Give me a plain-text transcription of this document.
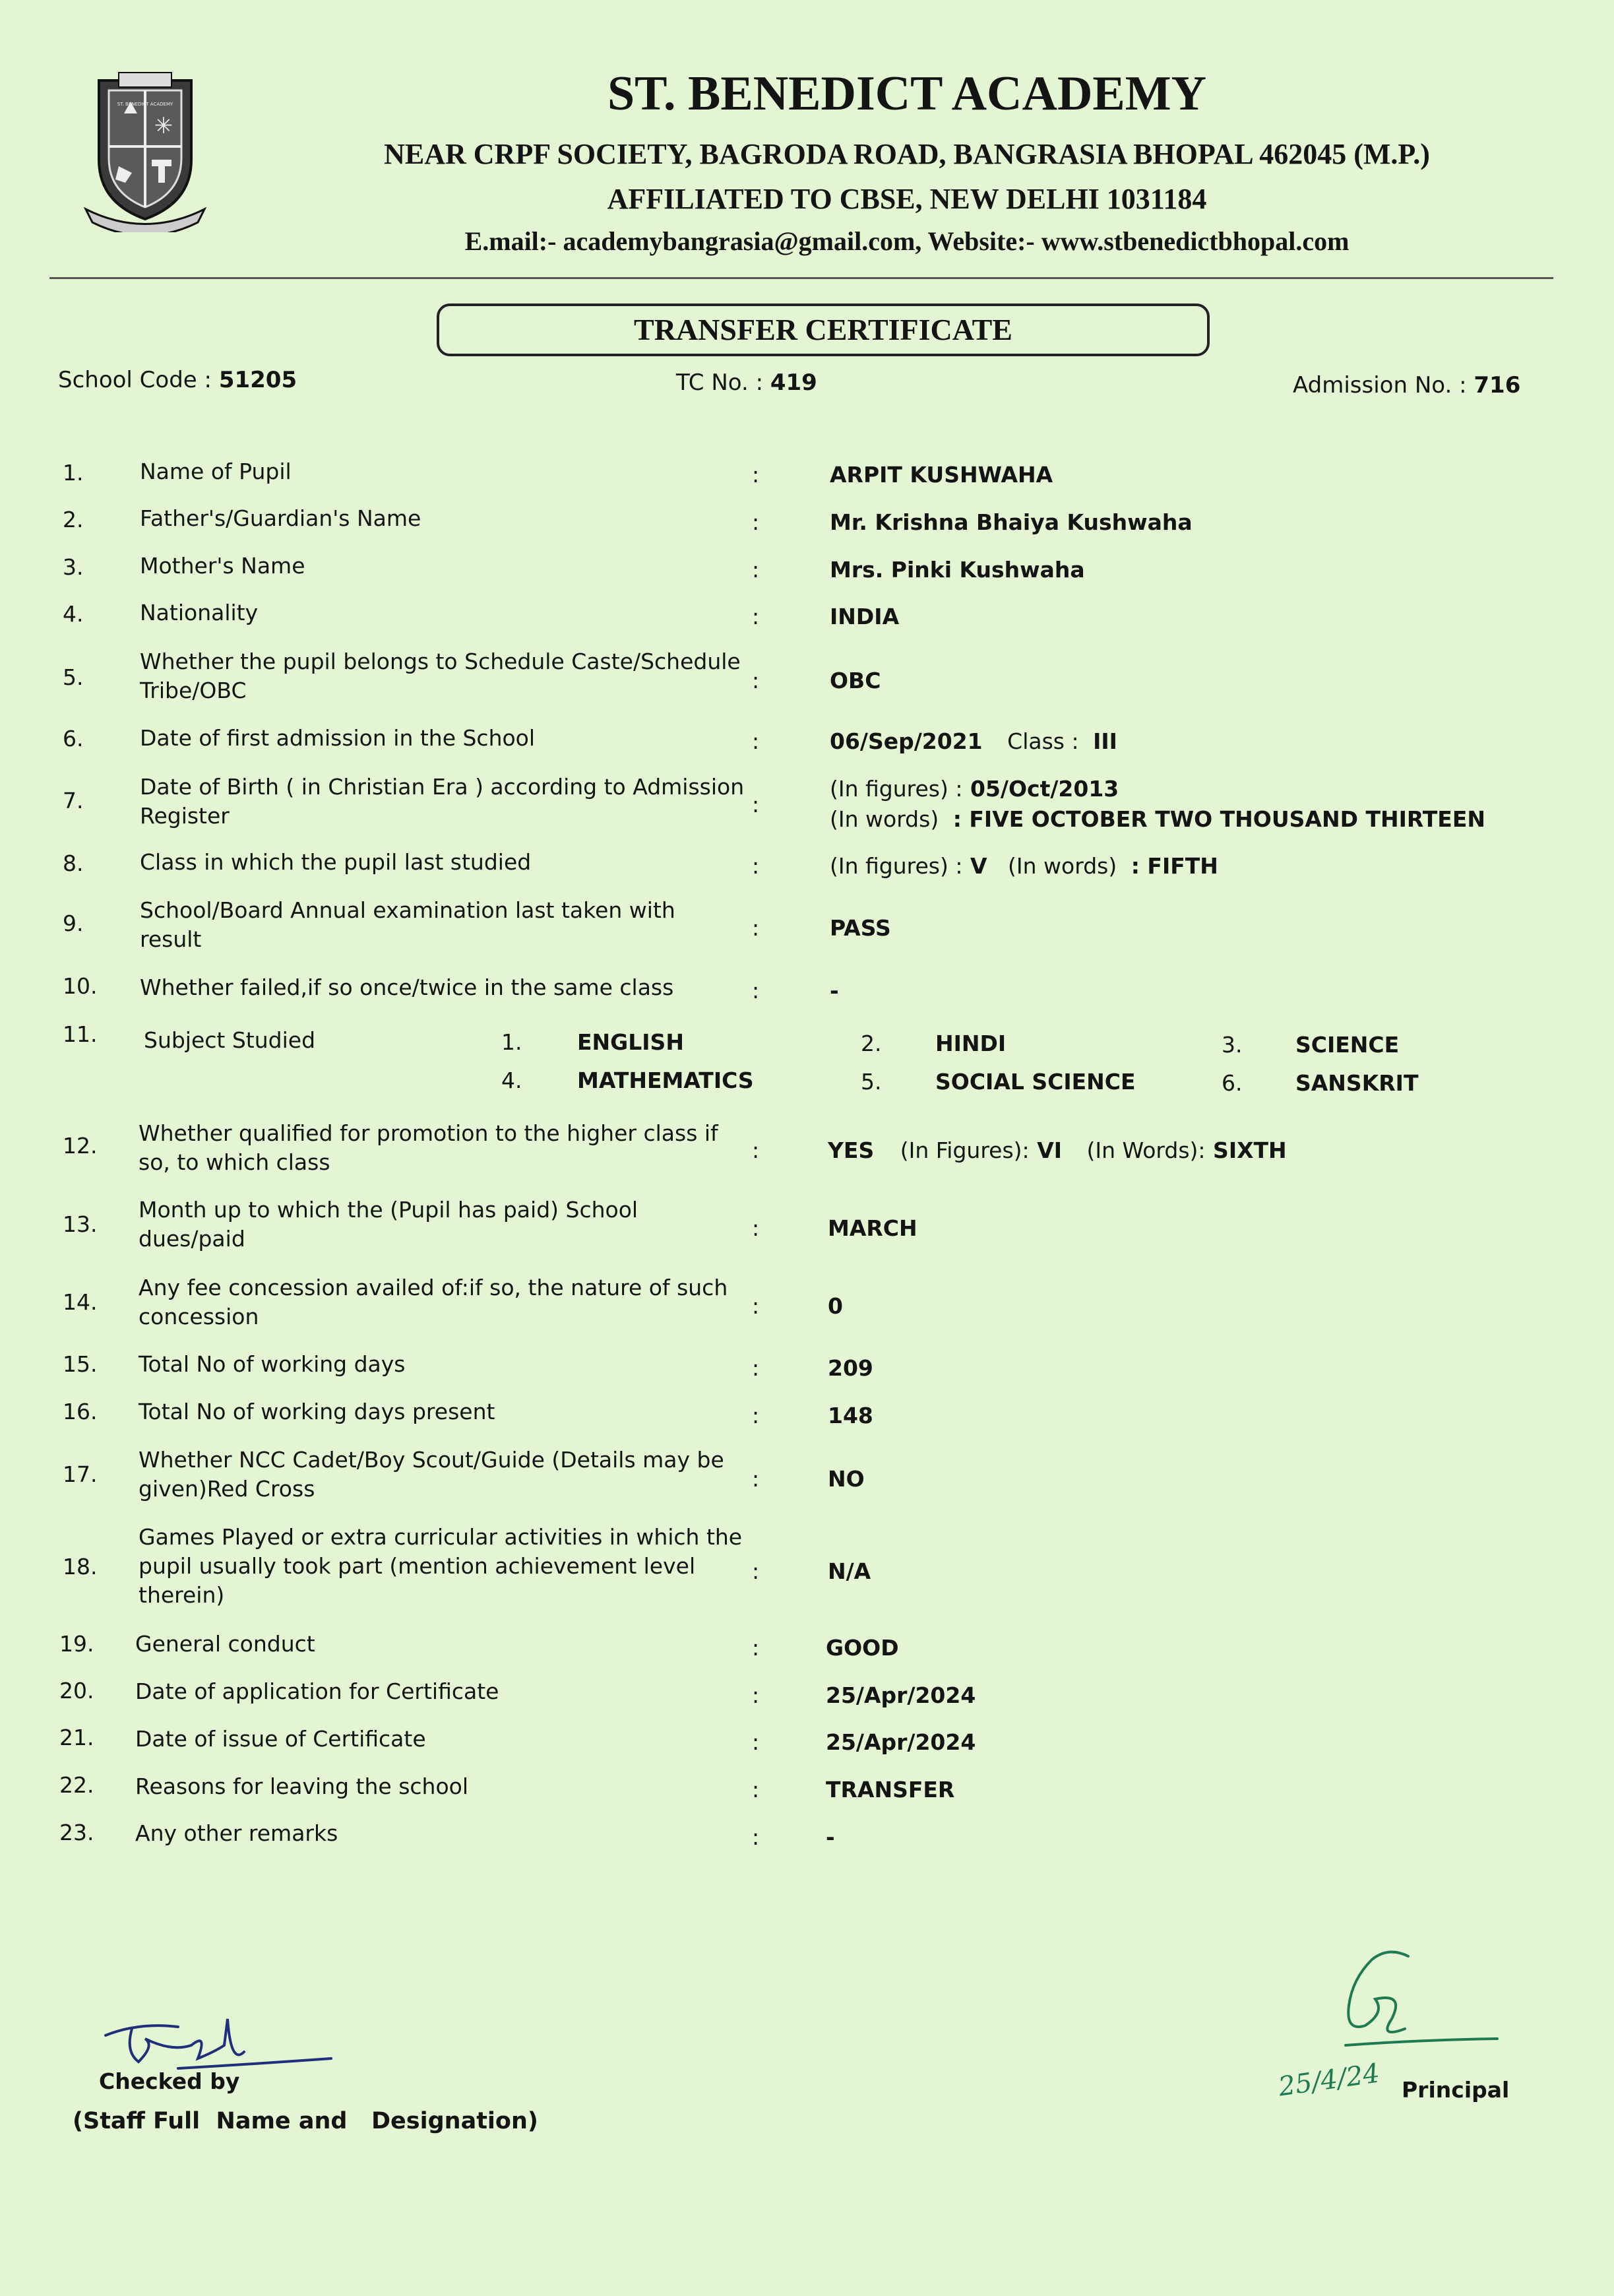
✳
ST. BENEDICT ACADEMY	ST. BENEDICT ACADEMY
NEAR CRPF SOCIETY, BAGRODA ROAD, BANGRASIA BHOPAL 462045 (M.P.)
AFFILIATED TO CBSE, NEW DELHI 1031184
E.mail:- academybangrasia@gmail.com, Website:- www.stbenedictbhopal.com
TRANSFER CERTIFICATE
School Code : 51205	TC No. : 419	Admission No. : 716
1.	Name of Pupil	:	ARPIT KUSHWAHA
2.	Father's/Guardian's Name	:	Mr. Krishna Bhaiya Kushwaha
3.	Mother's Name	:	Mrs. Pinki Kushwaha
4.	Nationality	:	INDIA
5.
Whether the pupil belongs to Schedule Caste/Schedule
Tribe/OBC	:	OBC
6.	Date of first admission in the School	:	06/Sep/2021 Class : III
7.
Date of Birth ( in Christian Era ) according to Admission
Register	:
(In figures) : 05/Oct/2013
(In words) : FIVE OCTOBER TWO THOUSAND THIRTEEN
8.	Class in which the pupil last studied	:	(In figures) : V (In words) : FIFTH
9.
School/Board Annual examination last taken with
result	:	PASS
10. Whether failed,if so once/twice in the same class	:	-
11. Subject Studied	1.	ENGLISH	2. HINDI	3. SCIENCE
4.	MATHEMATICS	5. SOCIAL SCIENCE	6. SANSKRIT
12. Whether qualified for promotion to the higher class if
so, to which class	:	YES (In Figures): VI (In Words): SIXTH
13.
Month up to which the (Pupil has paid) School
dues/paid	:	MARCH
14.
Any fee concession availed of:if so, the nature of such
concession	:	0
15. Total No of working days	:	209
16. Total No of working days present	:	148
17.
Whether NCC Cadet/Boy Scout/Guide (Details may be
given)Red Cross	:	NO
18.
Games Played or extra curricular activities in which the
pupil usually took part (mention achievement level
therein)
:	N/A
19. General conduct	:	GOOD
20. Date of application for Certificate	:	25/Apr/2024
21. Date of issue of Certificate	:	25/Apr/2024
22. Reasons for leaving the school	:	TRANSFER
23. Any other remarks	:	-
Checked by
(Staff Full  Name and   Designation)
25/4/24 Principal
